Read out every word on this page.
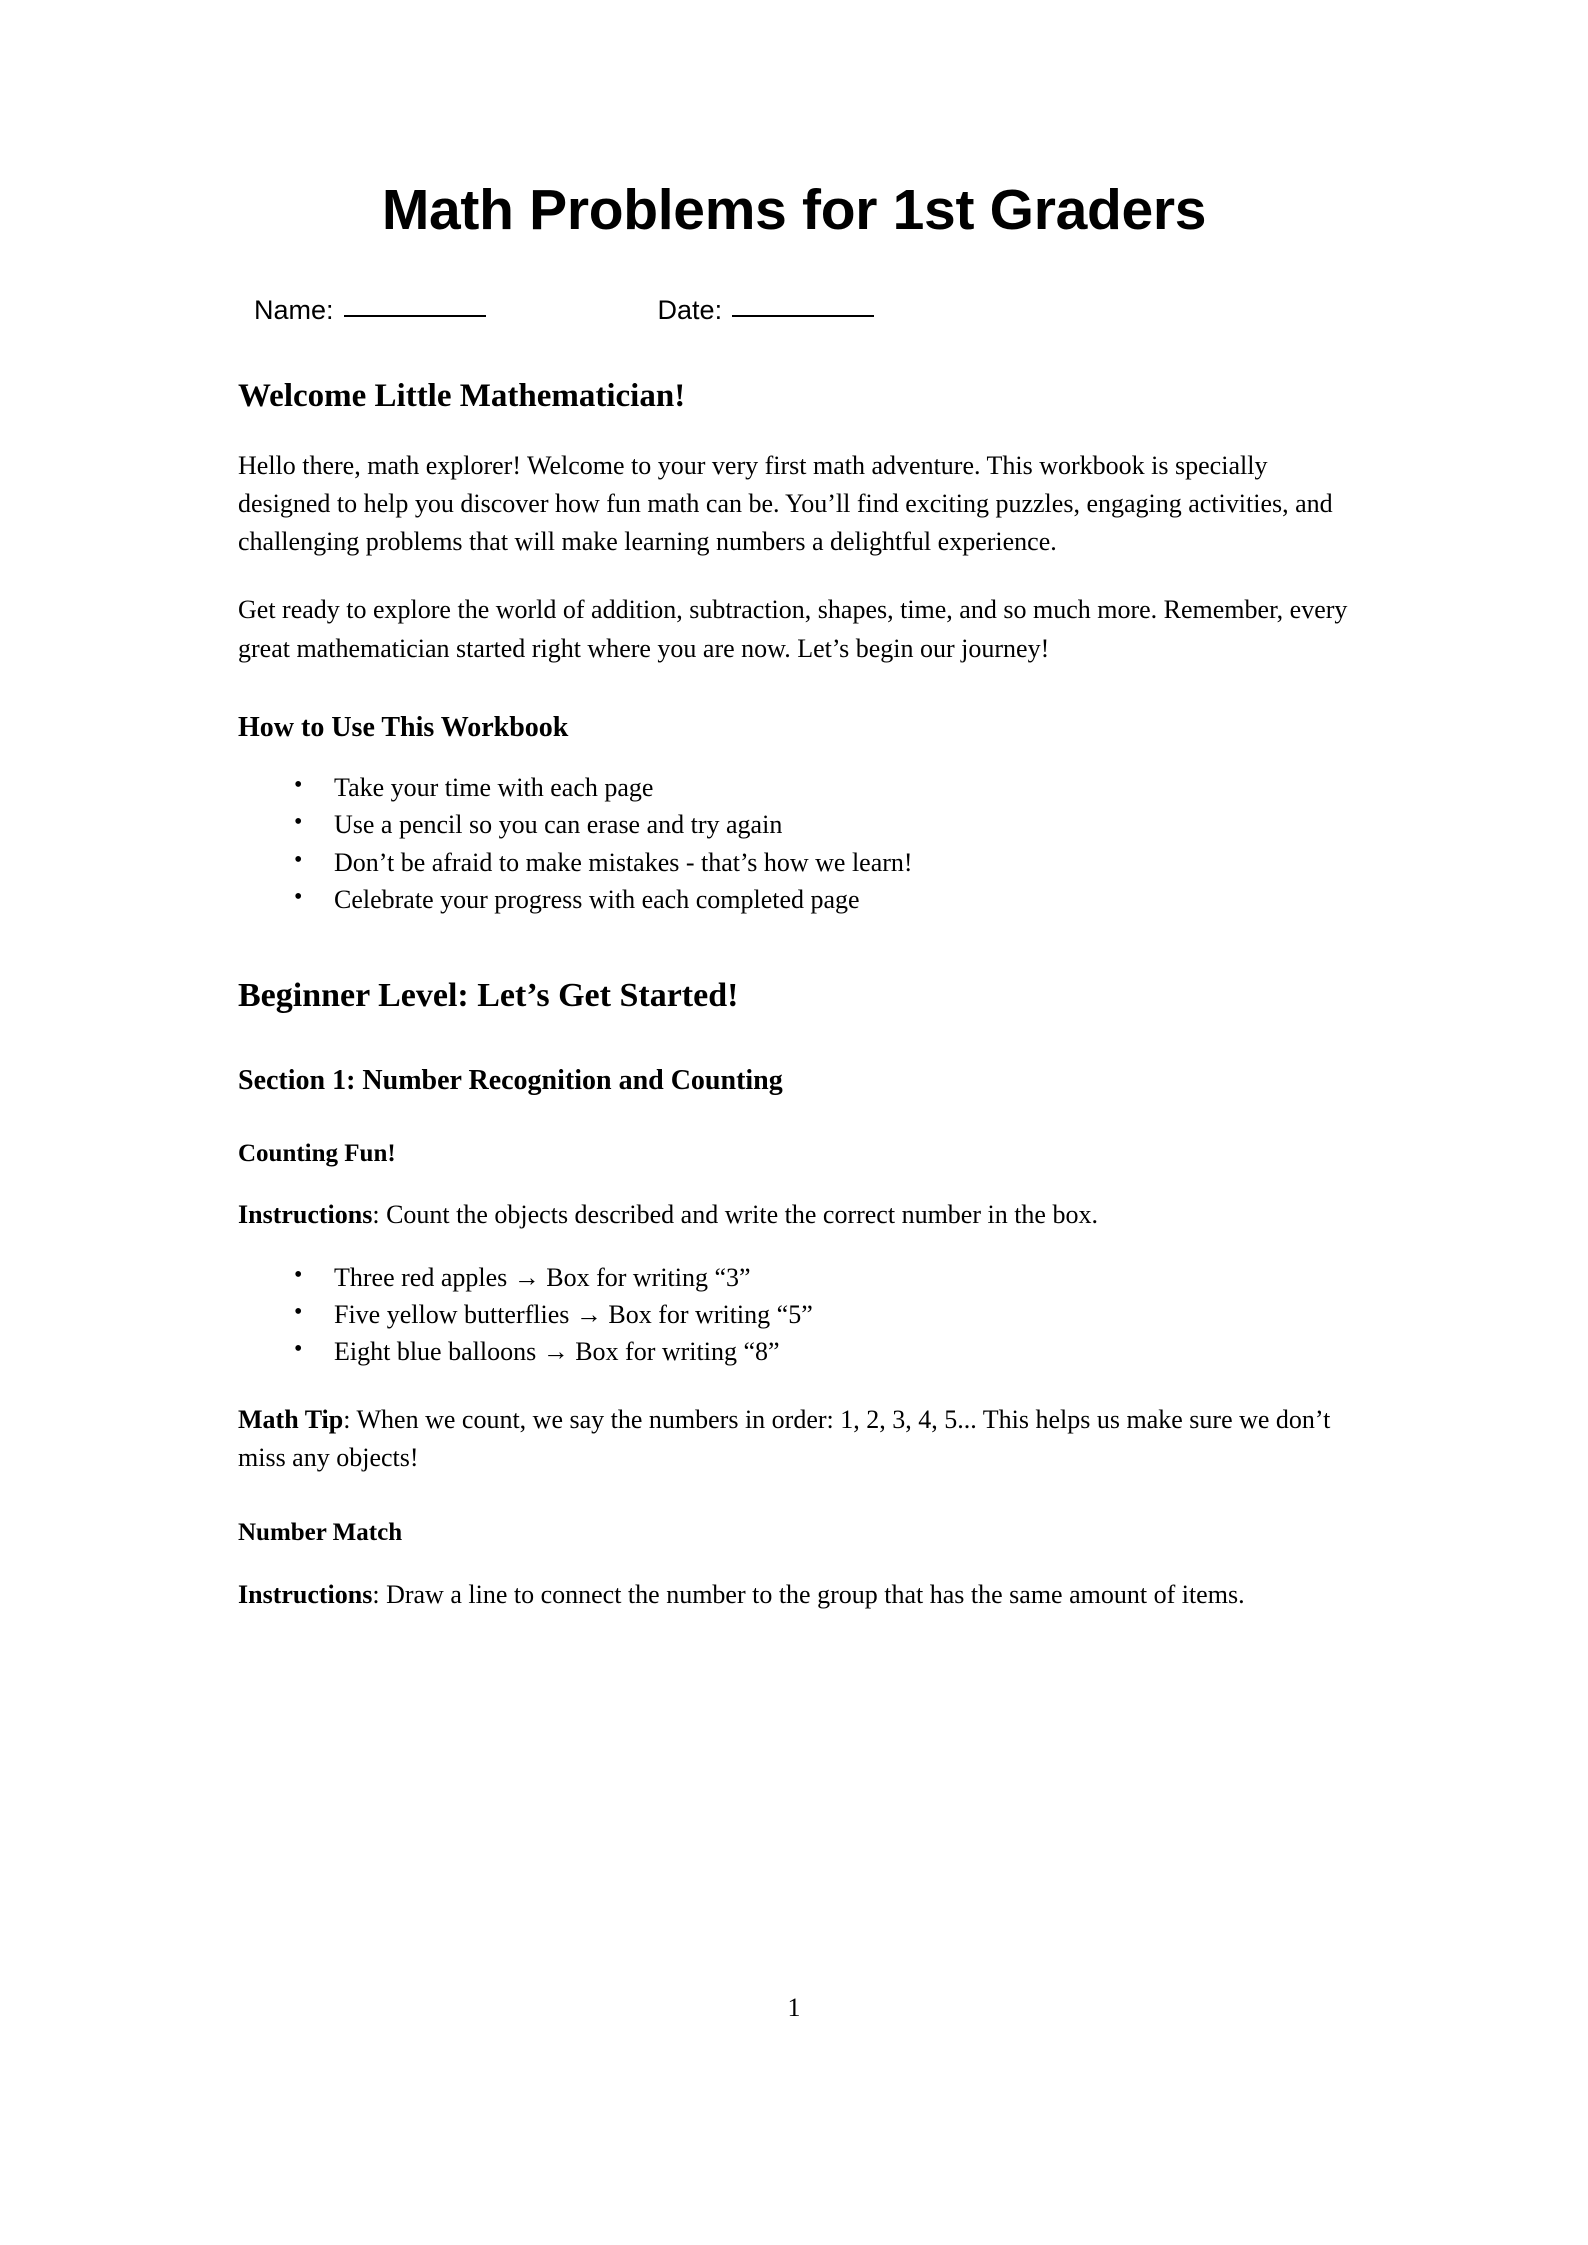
Math Problems for 1st Graders
Name:	Date:
Welcome Little Mathematician!

Hello there, math explorer! Welcome to your very first math adventure. This workbook is specially designed to help you discover how fun math can be. You’ll find exciting puzzles, engaging activities, and challenging problems that will make learning numbers a delightful experience.

Get ready to explore the world of addition, subtraction, shapes, time, and so much more. Remember, every great mathematician started right where you are now. Let’s begin our journey!

How to Use This Workbook
• Take your time with each page
• Use a pencil so you can erase and try again
• Don’t be afraid to make mistakes - that’s how we learn!
• Celebrate your progress with each completed page
Beginner Level: Let’s Get Started!
Section 1: Number Recognition and Counting
Counting Fun!

Instructions: Count the objects described and write the correct number in the box.

• Three red apples → Box for writing “3”
• Five yellow butterflies → Box for writing “5”
• Eight blue balloons → Box for writing “8”

Math Tip: When we count, we say the numbers in order: 1, 2, 3, 4, 5... This helps us make sure we don’t miss any objects!

Number Match

Instructions: Draw a line to connect the number to the group that has the same amount of items.

1
